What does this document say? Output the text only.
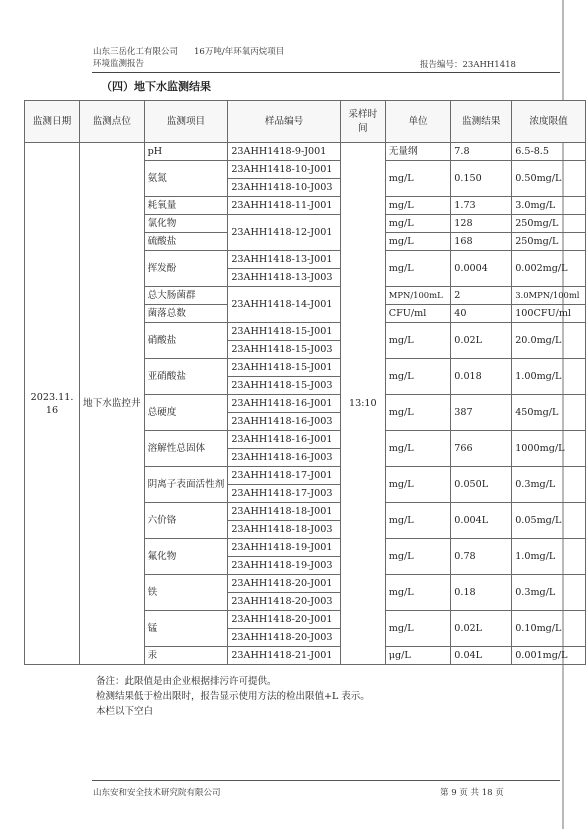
山东三岳化工有限公司 16万吨/年环氧丙烷项目
环境监测报告	报告编号：23AHH1418
（四）地下水监测结果
监测日期	监测点位	监测项目	样品编号	采样时间	单位	监测结果	浓度限值
2023.11.16	地下水监控井	pH	23AHH1418-9-J001	13:10	无量纲	7.8	6.5-8.5
		氨氮	23AHH1418-10-J001		mg/L	0.150	0.50mg/L
			23AHH1418-10-J003				
		耗氧量	23AHH1418-11-J001		mg/L	1.73	3.0mg/L
		氯化物	23AHH1418-12-J001		mg/L	128	250mg/L
		硫酸盐			mg/L	168	250mg/L
		挥发酚	23AHH1418-13-J001		mg/L	0.0004	0.002mg/L
			23AHH1418-13-J003				
		总大肠菌群	23AHH1418-14-J001		MPN/100mL	2	3.0MPN/100ml
		菌落总数			CFU/ml	40	100CFU/ml
		硝酸盐	23AHH1418-15-J001		mg/L	0.02L	20.0mg/L
			23AHH1418-15-J003				
		亚硝酸盐	23AHH1418-15-J001		mg/L	0.018	1.00mg/L
			23AHH1418-15-J003				
		总硬度	23AHH1418-16-J001		mg/L	387	450mg/L
			23AHH1418-16-J003				
		溶解性总固体	23AHH1418-16-J001		mg/L	766	1000mg/L
			23AHH1418-16-J003				
		阴离子表面活性剂	23AHH1418-17-J001		mg/L	0.050L	0.3mg/L
			23AHH1418-17-J003				
		六价铬	23AHH1418-18-J001		mg/L	0.004L	0.05mg/L
			23AHH1418-18-J003				
		氟化物	23AHH1418-19-J001		mg/L	0.78	1.0mg/L
			23AHH1418-19-J003				
		铁	23AHH1418-20-J001		mg/L	0.18	0.3mg/L
			23AHH1418-20-J003				
		锰	23AHH1418-20-J001		mg/L	0.02L	0.10mg/L
			23AHH1418-20-J003				
		汞	23AHH1418-21-J001		μg/L	0.04L	0.001mg/L
备注：此限值是由企业根据排污许可提供。
检测结果低于检出限时，报告显示使用方法的检出限值+L 表示。
本栏以下空白
山东安和安全技术研究院有限公司	第 9 页 共 18 页
